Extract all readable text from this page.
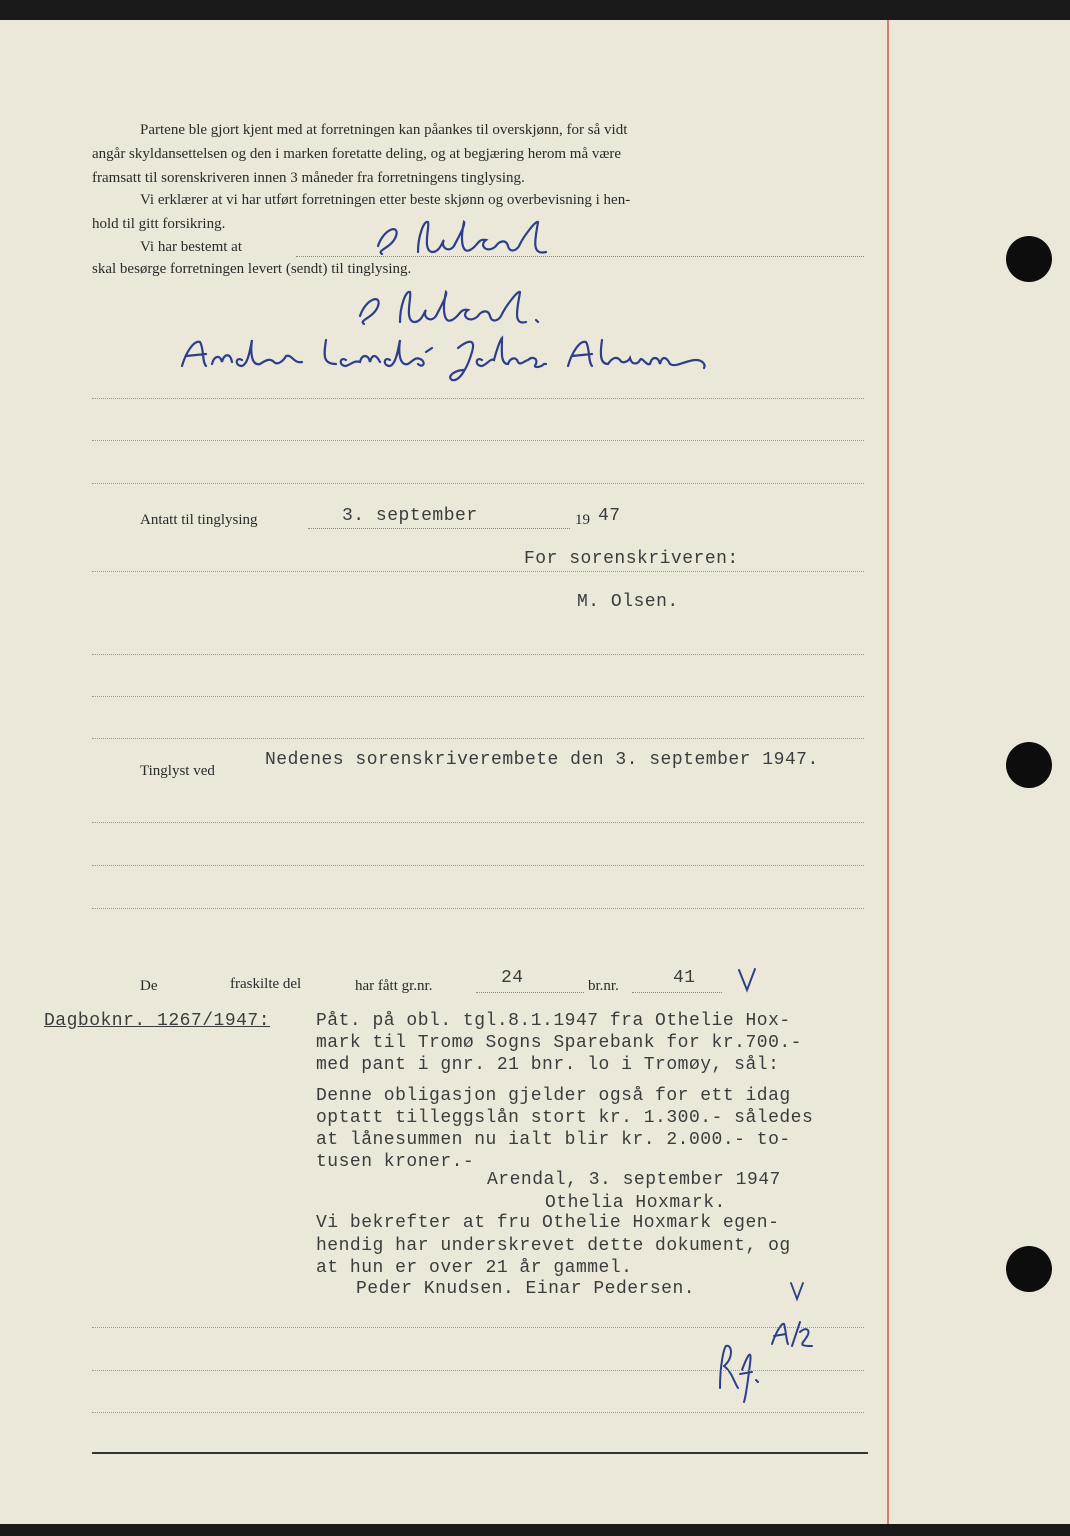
Partene ble gjort kjent med at forretningen kan påankes til overskjønn, for så vidt
angår skyldansettelsen og den i marken foretatte deling, og at begjæring herom må være
framsatt til sorenskriveren innen 3 måneder fra forretningens tinglysing.
Vi erklærer at vi har utført forretningen etter beste skjønn og overbevisning i hen-
hold til gitt forsikring.
Vi har bestemt at
skal besørge forretningen levert (sendt) til tinglysing.
Antatt til tinglysing	3. september	19 47
For sorenskriveren:
M. Olsen.
Tinglyst ved
Nedenes sorenskriverembete den 3. september 1947.
De	fraskilte del	har fått gr.nr.	24	br.nr.	41
Dagboknr. 1267/1947:	Påt. på obl. tgl.8.1.1947 fra Othelie Hox-
mark til Tromø Sogns Sparebank for kr.700.-
med pant i gnr. 21 bnr. lo i Tromøy, sål:
Denne obligasjon gjelder også for ett idag
optatt tilleggslån stort kr. 1.300.- således
at lånesummen nu ialt blir kr. 2.000.- to-
tusen kroner.-
Arendal, 3. september 1947
Othelia Hoxmark.
Vi bekrefter at fru Othelie Hoxmark egen-
hendig har underskrevet dette dokument, og
at hun er over 21 år gammel.
Peder Knudsen. Einar Pedersen.
